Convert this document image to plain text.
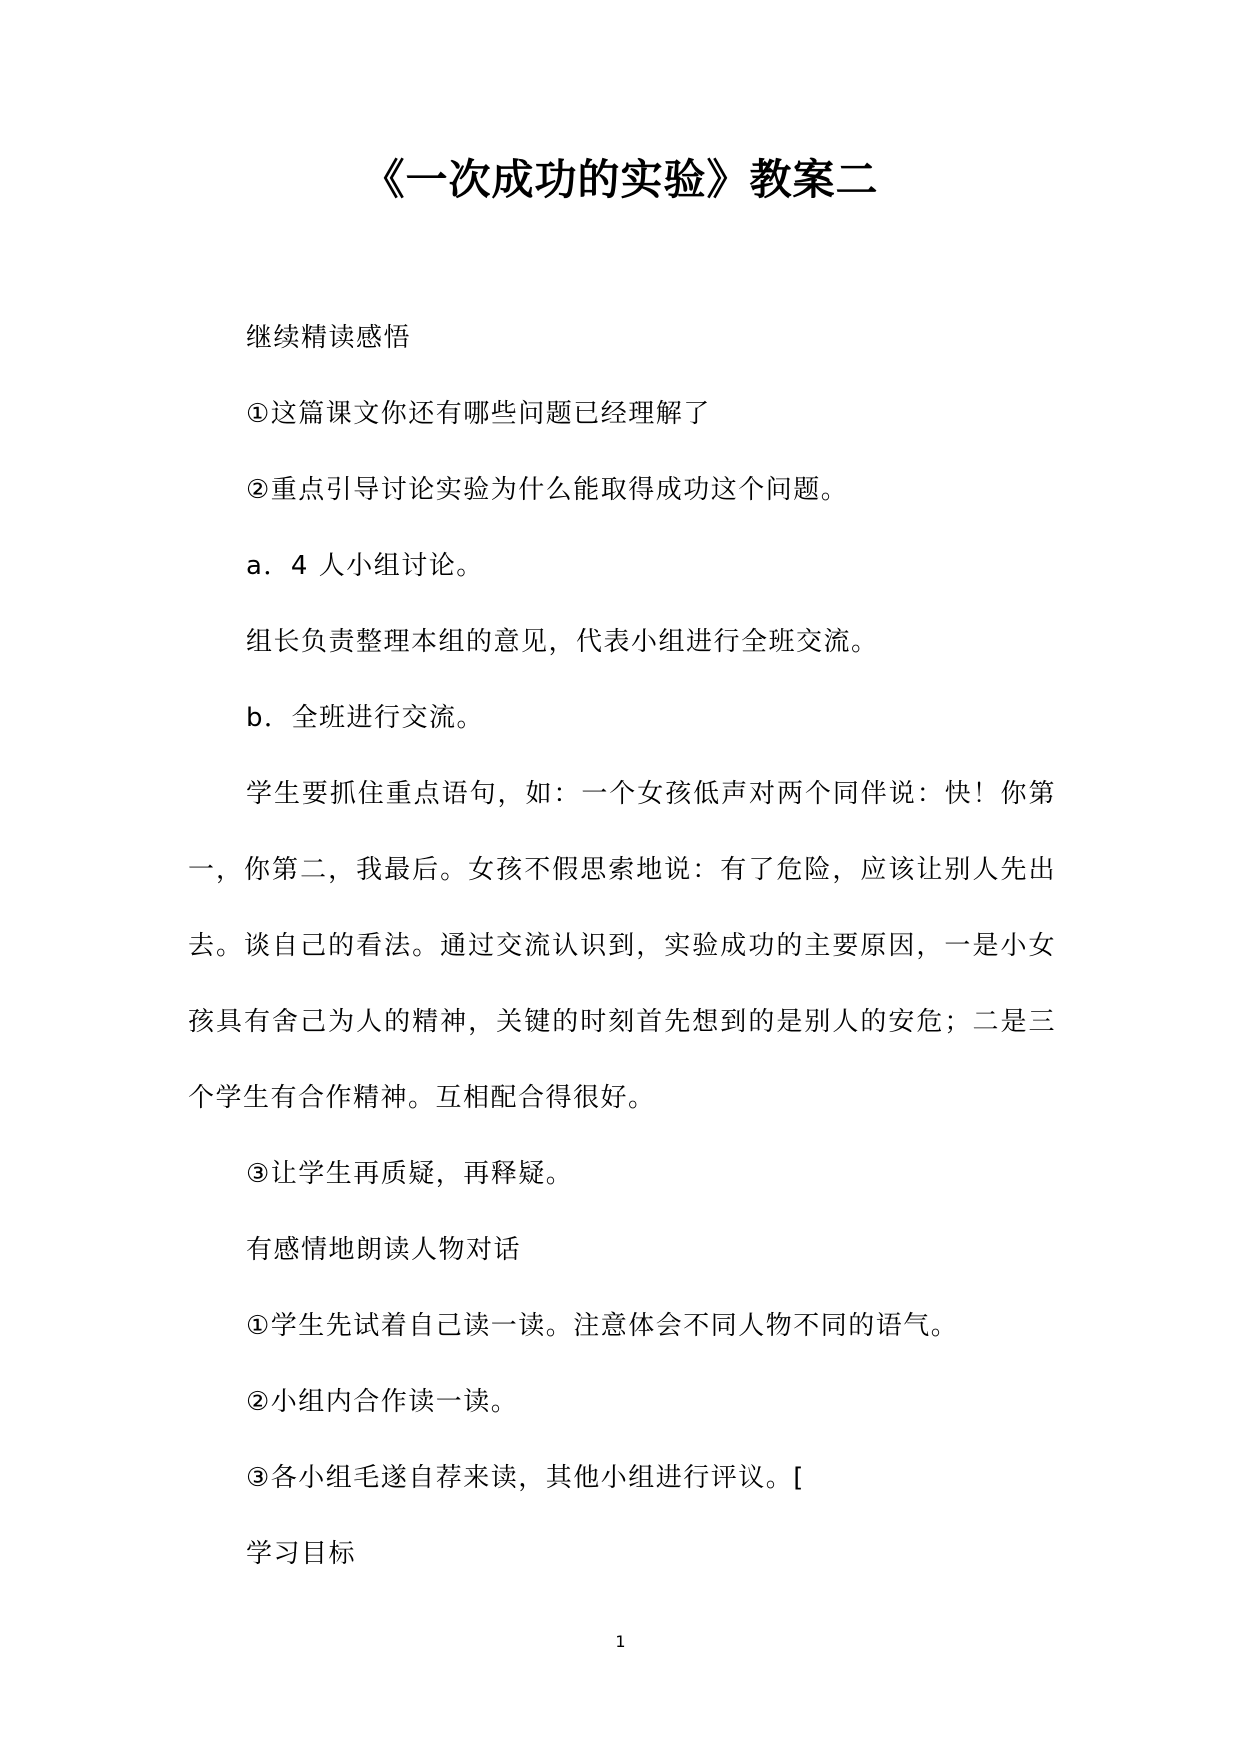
《一次成功的实验》教案二

继续精读感悟

①这篇课文你还有哪些问题已经理解了

②重点引导讨论实验为什么能取得成功这个问题。

a．4 人小组讨论。

组长负责整理本组的意见，代表小组进行全班交流。

b．全班进行交流。

学生要抓住重点语句，如：一个女孩低声对两个同伴说：快！你第一，你第二，我最后。女孩不假思索地说：有了危险，应该让别人先出去。谈自己的看法。通过交流认识到，实验成功的主要原因，一是小女孩具有舍己为人的精神，关键的时刻首先想到的是别人的安危；二是三个学生有合作精神。互相配合得很好。

③让学生再质疑，再释疑。

有感情地朗读人物对话

①学生先试着自己读一读。注意体会不同人物不同的语气。

②小组内合作读一读。

③各小组毛遂自荐来读，其他小组进行评议。[

学习目标

1
